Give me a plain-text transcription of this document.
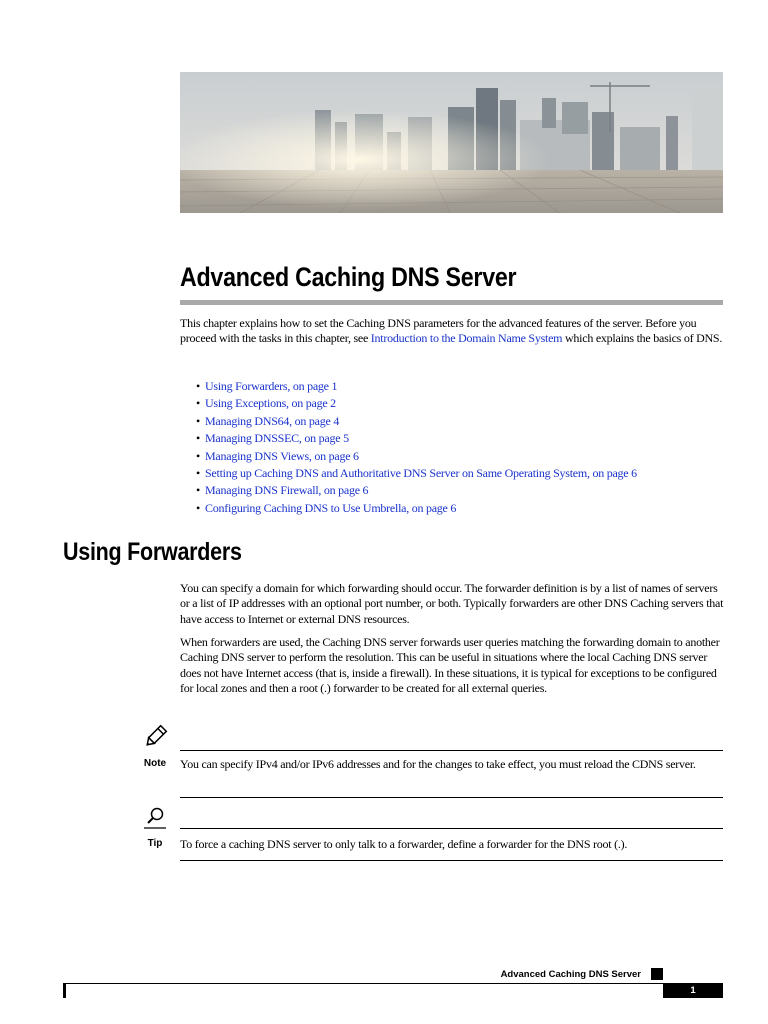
Advanced Caching DNS Server

This chapter explains how to set the Caching DNS parameters for the advanced features of the server. Before you proceed with the tasks in this chapter, see Introduction to the Domain Name System which explains the basics of DNS.

• Using Forwarders, on page 1
• Using Exceptions, on page 2
• Managing DNS64, on page 4
• Managing DNSSEC, on page 5
• Managing DNS Views, on page 6
• Setting up Caching DNS and Authoritative DNS Server on Same Operating System, on page 6
• Managing DNS Firewall, on page 6
• Configuring Caching DNS to Use Umbrella, on page 6
Using Forwarders

You can specify a domain for which forwarding should occur. The forwarder definition is by a list of names of servers or a list of IP addresses with an optional port number, or both. Typically forwarders are other DNS Caching servers that have access to Internet or external DNS resources.

When forwarders are used, the Caching DNS server forwards user queries matching the forwarding domain to another Caching DNS server to perform the resolution. This can be useful in situations where the local Caching DNS server does not have Internet access (that is, inside a firewall). In these situations, it is typical for exceptions to be configured for local zones and then a root (.) forwarder to be created for all external queries.

Note	You can specify IPv4 and/or IPv6 addresses and for the changes to take effect, you must reload the CDNS server.

Tip	To force a caching DNS server to only talk to a forwarder, define a forwarder for the DNS root (.).

Advanced Caching DNS Server
1
